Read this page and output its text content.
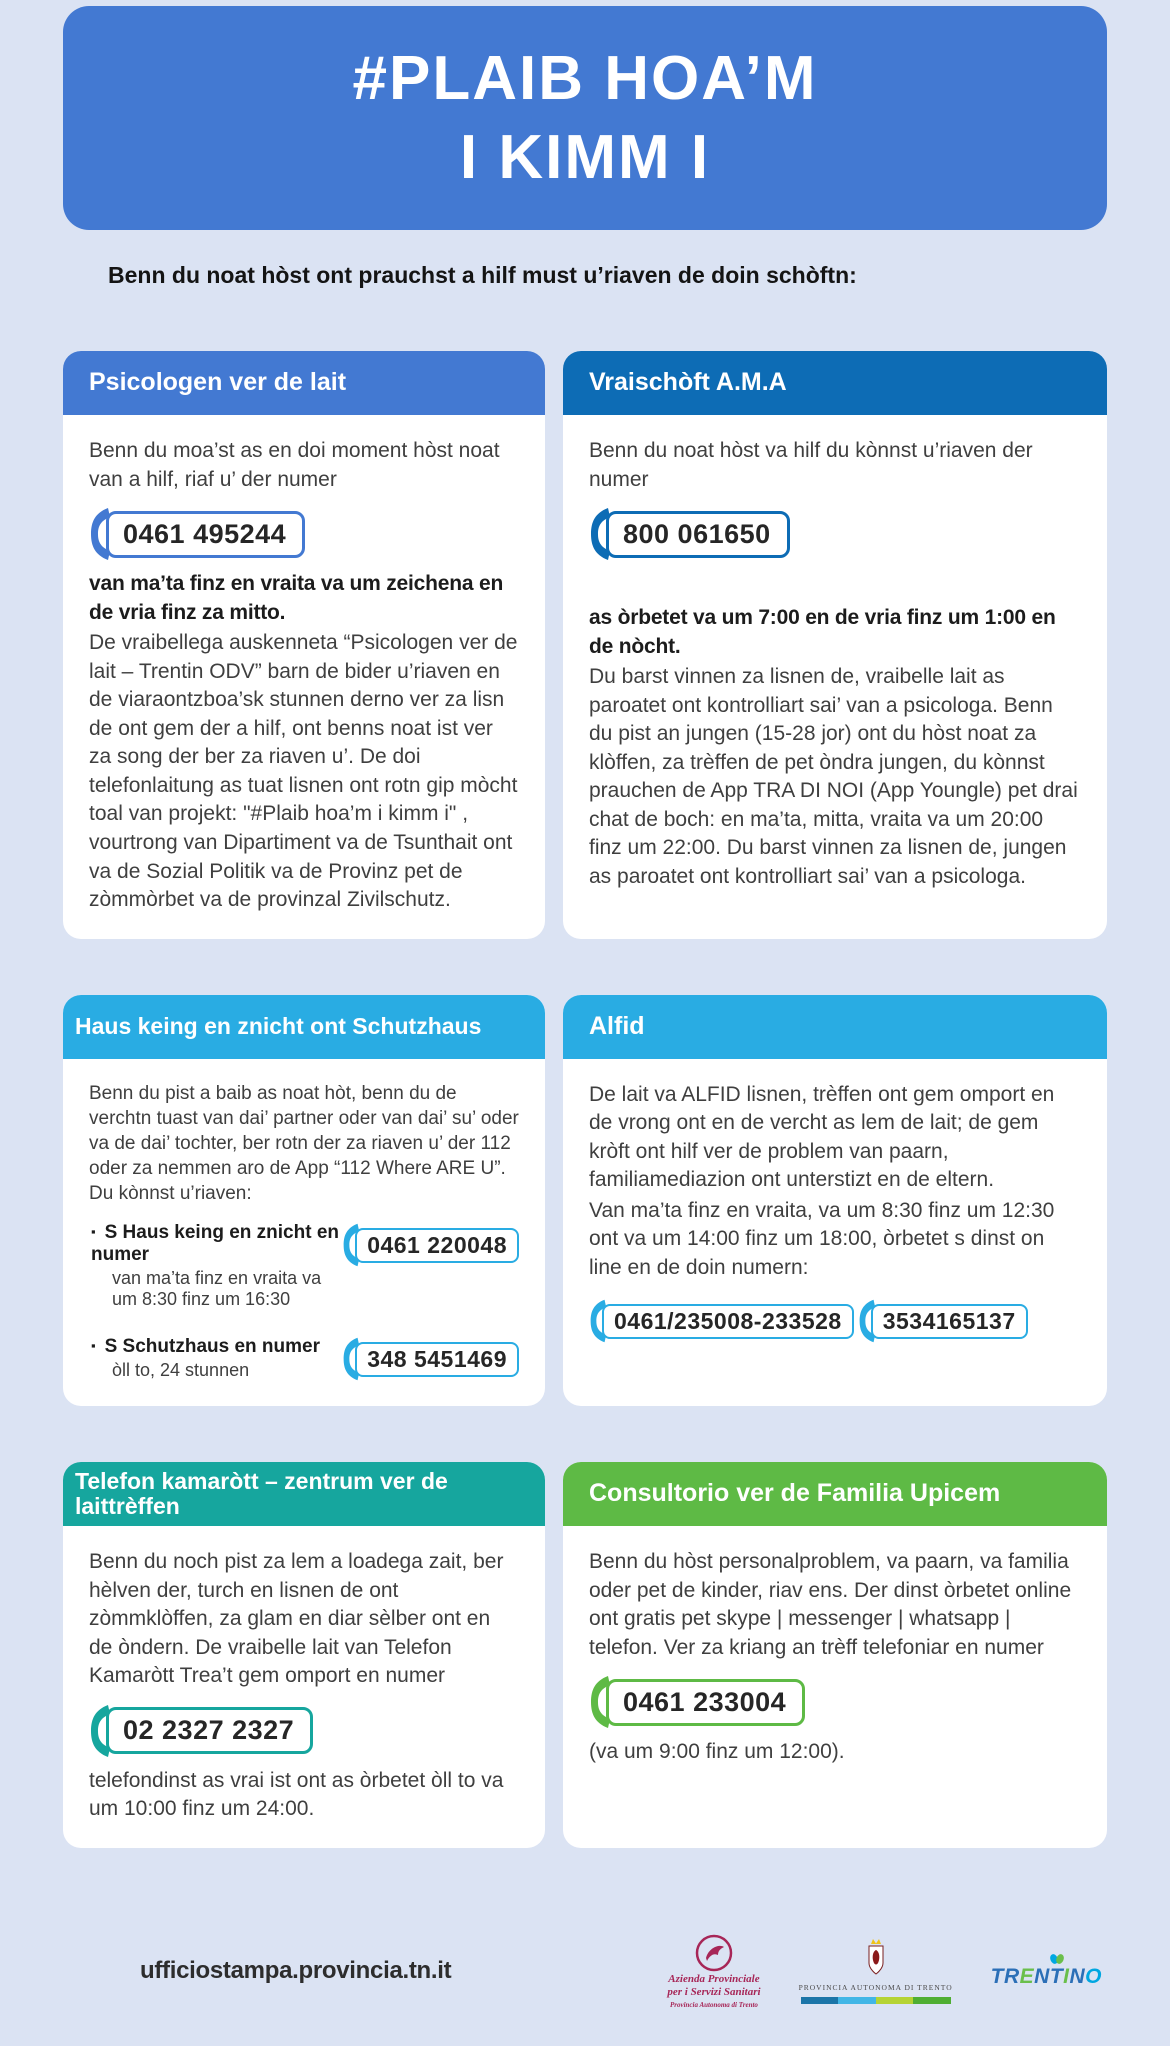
#PLAIB HOA’M
I KIMM I

Benn du noat hòst ont prauchst a hilf must u’riaven de doin schòftn:

Psicologen ver de lait

Benn du moa’st as en doi moment hòst noat van a hilf, riaf u’ der numer

0461 495244

van ma’ta finz en vraita va um zeichena en de vria finz za mitto.

De vraibellega auskenneta “Psicologen ver de lait – Trentin ODV” barn de bider u’riaven en de viaraontzboa’sk stunnen derno ver za lisn de ont gem der a hilf, ont benns noat ist ver za song der ber za riaven u’. De doi telefonlaitung as tuat lisnen ont rotn gip mòcht toal van projekt: "#Plaib hoa’m i kimm i" , vourtrong van Dipartiment va de Tsunthait ont va de Sozial Politik va de Provinz pet de zòmmòrbet va de provinzal Zivilschutz.

Vraischòft A.M.A

Benn du noat hòst va hilf du kònnst u’riaven der numer

800 061650

as òrbetet va um 7:00 en de vria finz um 1:00 en de nòcht.

Du barst vinnen za lisnen de, vraibelle lait as paroatet ont kontrolliart sai’ van a psicologa. Benn du pist an jungen (15-28 jor) ont du hòst noat za klòffen, za trèffen de pet òndra jungen, du kònnst prauchen de App TRA DI NOI (App Youngle) pet drai chat de boch: en ma’ta, mitta, vraita va um 20:00 finz um 22:00. Du barst vinnen za lisnen de, jungen as paroatet ont kontrolliart sai’ van a psicologa.

Haus keing en znicht ont Schutzhaus

Benn du pist a baib as noat hòt, benn du de verchtn tuast van dai’ partner oder van dai’ su’ oder va de dai’ tochter, ber rotn der za riaven u’ der 112 oder za nemmen aro de App “112 Where ARE U”. Du kònnst u’riaven:

▪ S Haus keing en znicht en numer
van ma’ta finz en vraita va um 8:30 finz um 16:30
0461 220048
▪ S Schutzhaus en numer
òll to, 24 stunnen	348 5451469
Alfid

De lait va ALFID lisnen, trèffen ont gem omport en de vrong ont en de vercht as lem de lait; de gem kròft ont hilf ver de problem van paarn, familiamediazion ont unterstizt en de eltern.

Van ma’ta finz en vraita, va um 8:30 finz um 12:30 ont va um 14:00 finz um 18:00, òrbetet s dinst on line en de doin numern:

0461/235008-233528	3534165137
Telefon kamaròtt – zentrum ver de laittrèffen

Benn du noch pist za lem a loadega zait, ber hèlven der, turch en lisnen de ont zòmmklòffen, za glam en diar sèlber ont en de òndern. De vraibelle lait van Telefon Kamaròtt Trea’t gem omport en numer

02 2327 2327

telefondinst as vrai ist ont as òrbetet òll to va um 10:00 finz um 24:00.

Consultorio ver de Familia Upicem

Benn du hòst personalproblem, va paarn, va familia oder pet de kinder, riav ens. Der dinst òrbetet online ont gratis pet skype | messenger | whatsapp | telefon. Ver za kriang an trèff telefoniar en numer

0461 233004

(va um 9:00 finz um 12:00).

ufficiostampa.provincia.tn.it	Azienda Provinciale
per i Servizi Sanitari
Provincia Autonoma di Trento
PROVINCIA AUTONOMA DI TRENTO TRENTINO
